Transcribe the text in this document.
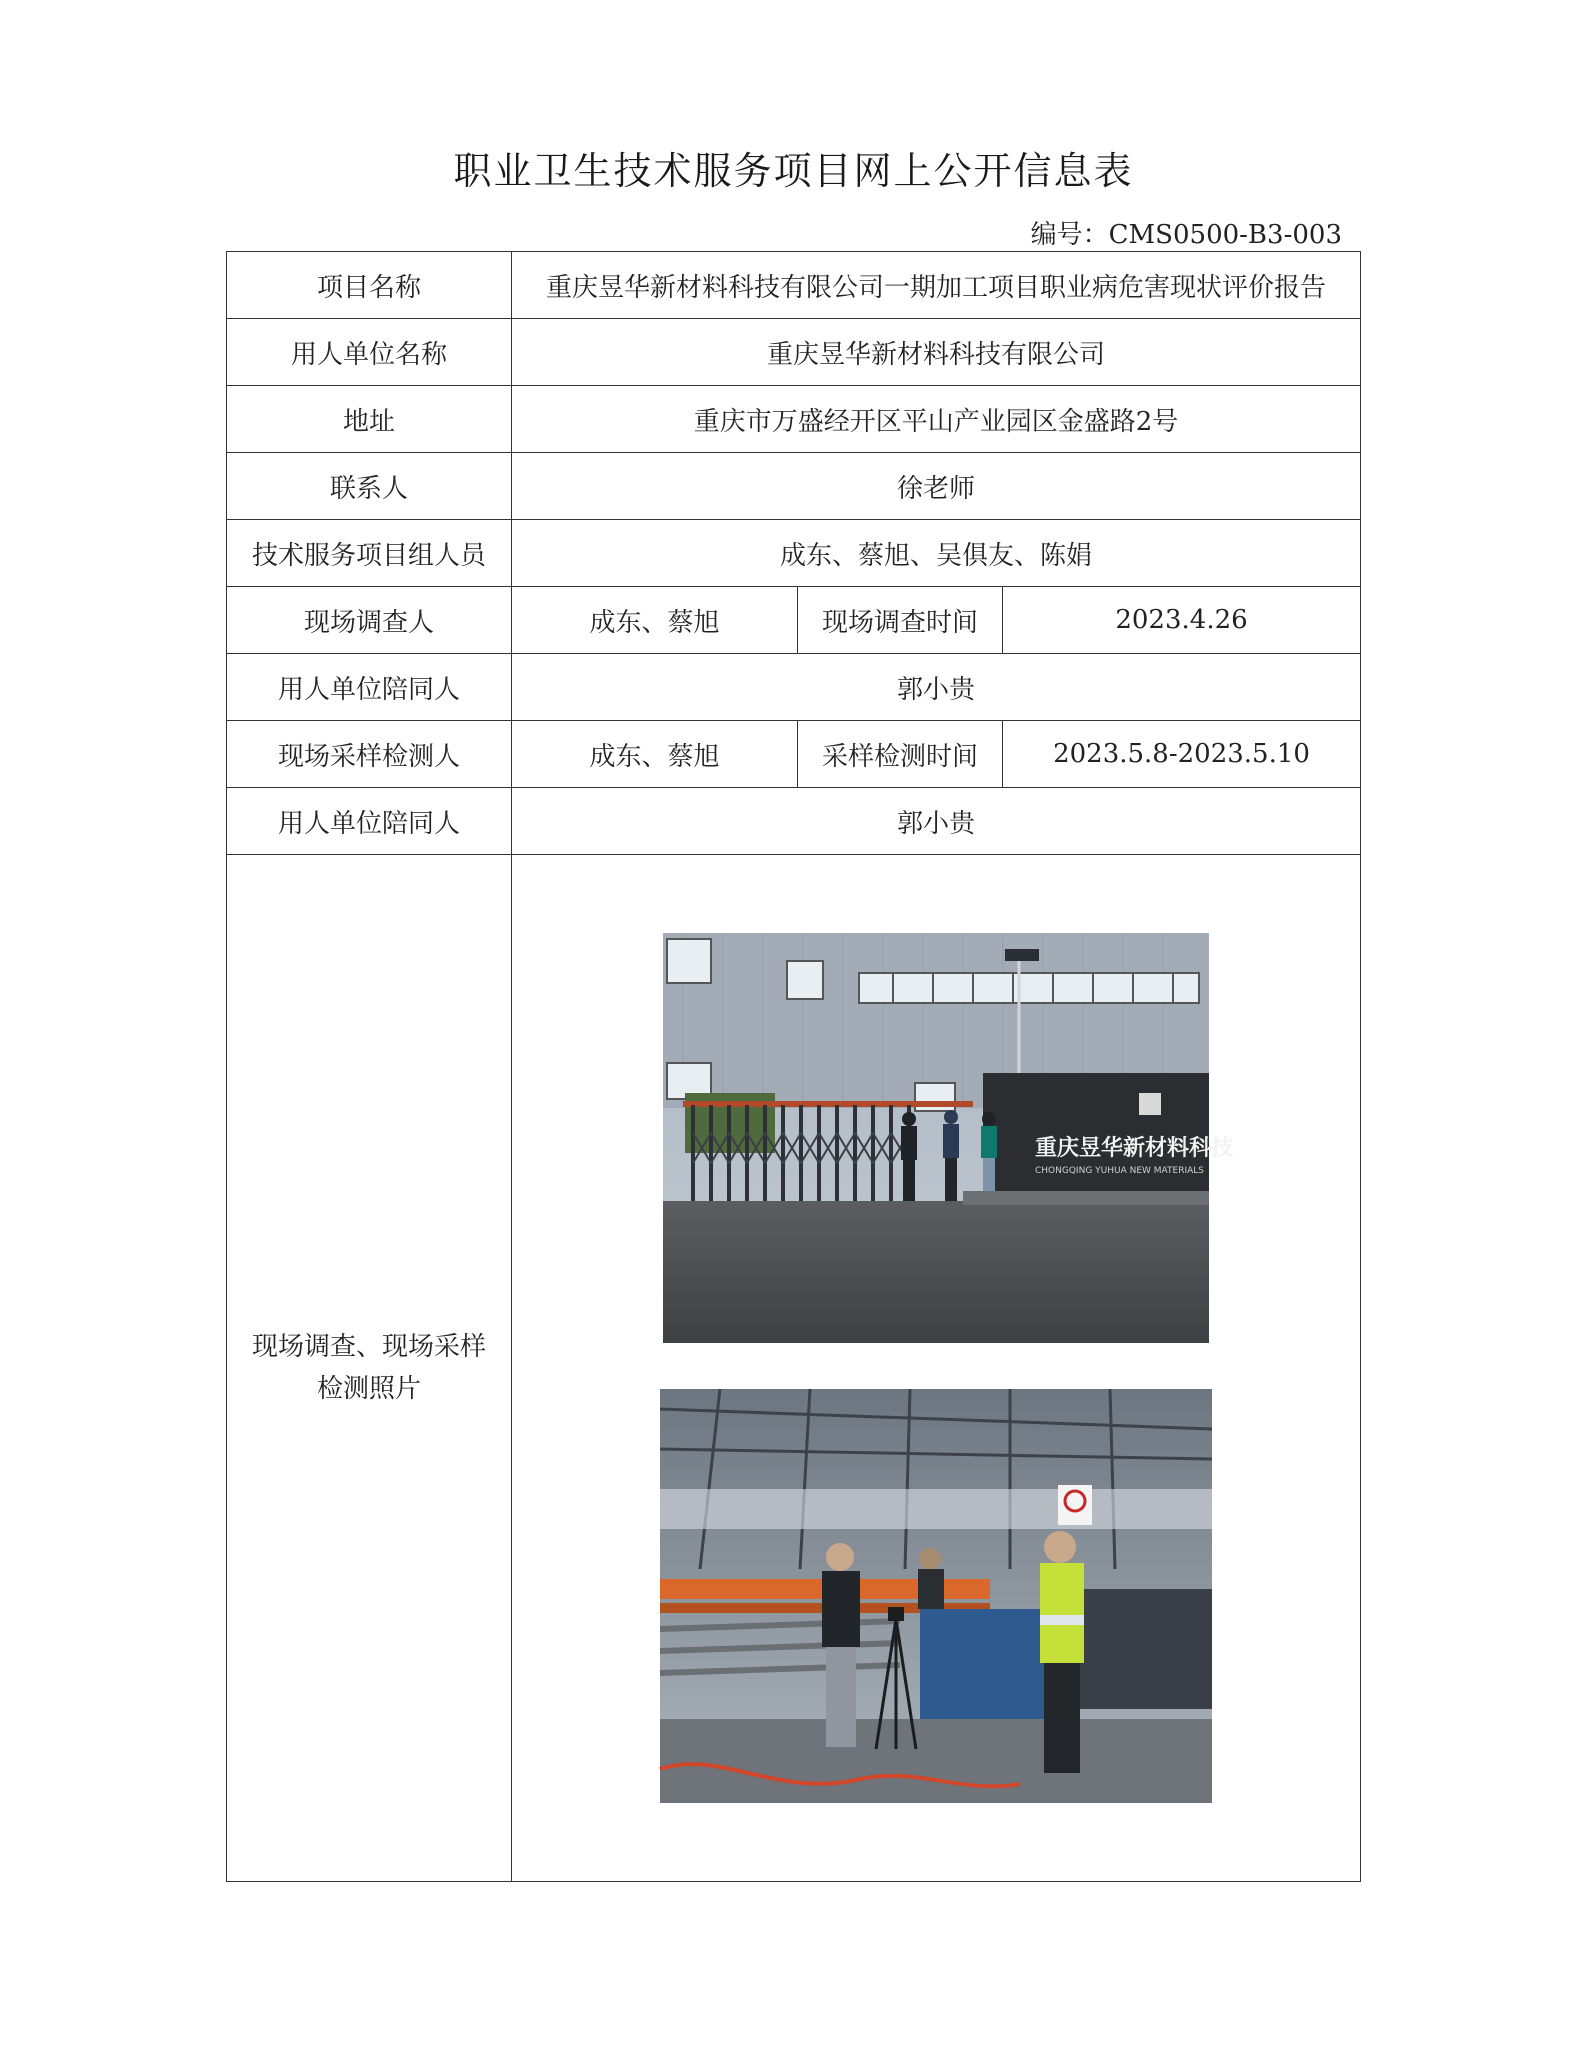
职业卫生技术服务项目网上公开信息表
编号：CMS0500-B3-003
项目名称	重庆昱华新材料科技有限公司一期加工项目职业病危害现状评价报告		
用人单位名称	重庆昱华新材料科技有限公司		
地址	重庆市万盛经开区平山产业园区金盛路2号		
联系人	徐老师		
技术服务项目组人员	成东、蔡旭、吴俱友、陈娟		
现场调查人	成东、蔡旭	现场调查时间	2023.4.26
用人单位陪同人	郭小贵		
现场采样检测人	成东、蔡旭	采样检测时间	2023.5.8-2023.5.10
用人单位陪同人	郭小贵		
现场调查、现场采样
检测照片	重庆昱华新材料科技
CHONGQING YUHUA NEW MATERIALS		
